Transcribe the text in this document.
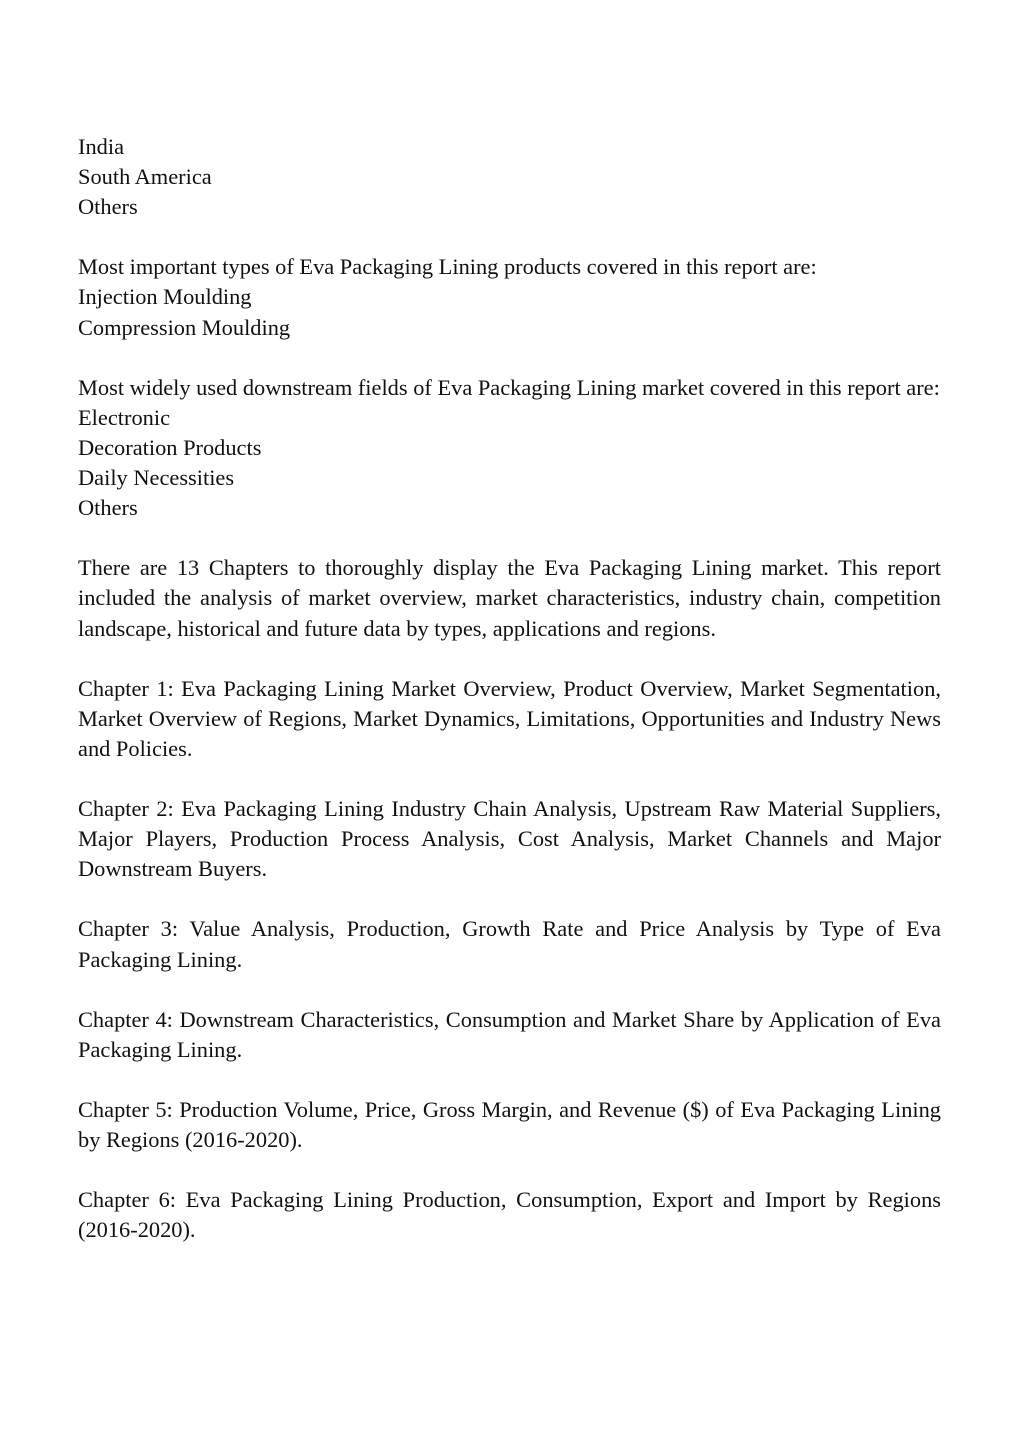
India
South America
Others
Most important types of Eva Packaging Lining products covered in this report are:
Injection Moulding
Compression Moulding
Most widely used downstream fields of Eva Packaging Lining market covered in this report are:
Electronic
Decoration Products
Daily Necessities
Others

There are 13 Chapters to thoroughly display the Eva Packaging Lining market. This report included the analysis of market overview, market characteristics, industry chain, competition landscape, historical and future data by types, applications and regions.

Chapter 1: Eva Packaging Lining Market Overview, Product Overview, Market Segmentation, Market Overview of Regions, Market Dynamics, Limitations, Opportunities and Industry News and Policies.

Chapter 2: Eva Packaging Lining Industry Chain Analysis, Upstream Raw Material Suppliers, Major Players, Production Process Analysis, Cost Analysis, Market Channels and Major Downstream Buyers.

Chapter 3: Value Analysis, Production, Growth Rate and Price Analysis by Type of Eva Packaging Lining.

Chapter 4: Downstream Characteristics, Consumption and Market Share by Application of Eva Packaging Lining.

Chapter 5: Production Volume, Price, Gross Margin, and Revenue ($) of Eva Packaging Lining by Regions (2016-2020).

Chapter 6: Eva Packaging Lining Production, Consumption, Export and Import by Regions (2016-2020).
